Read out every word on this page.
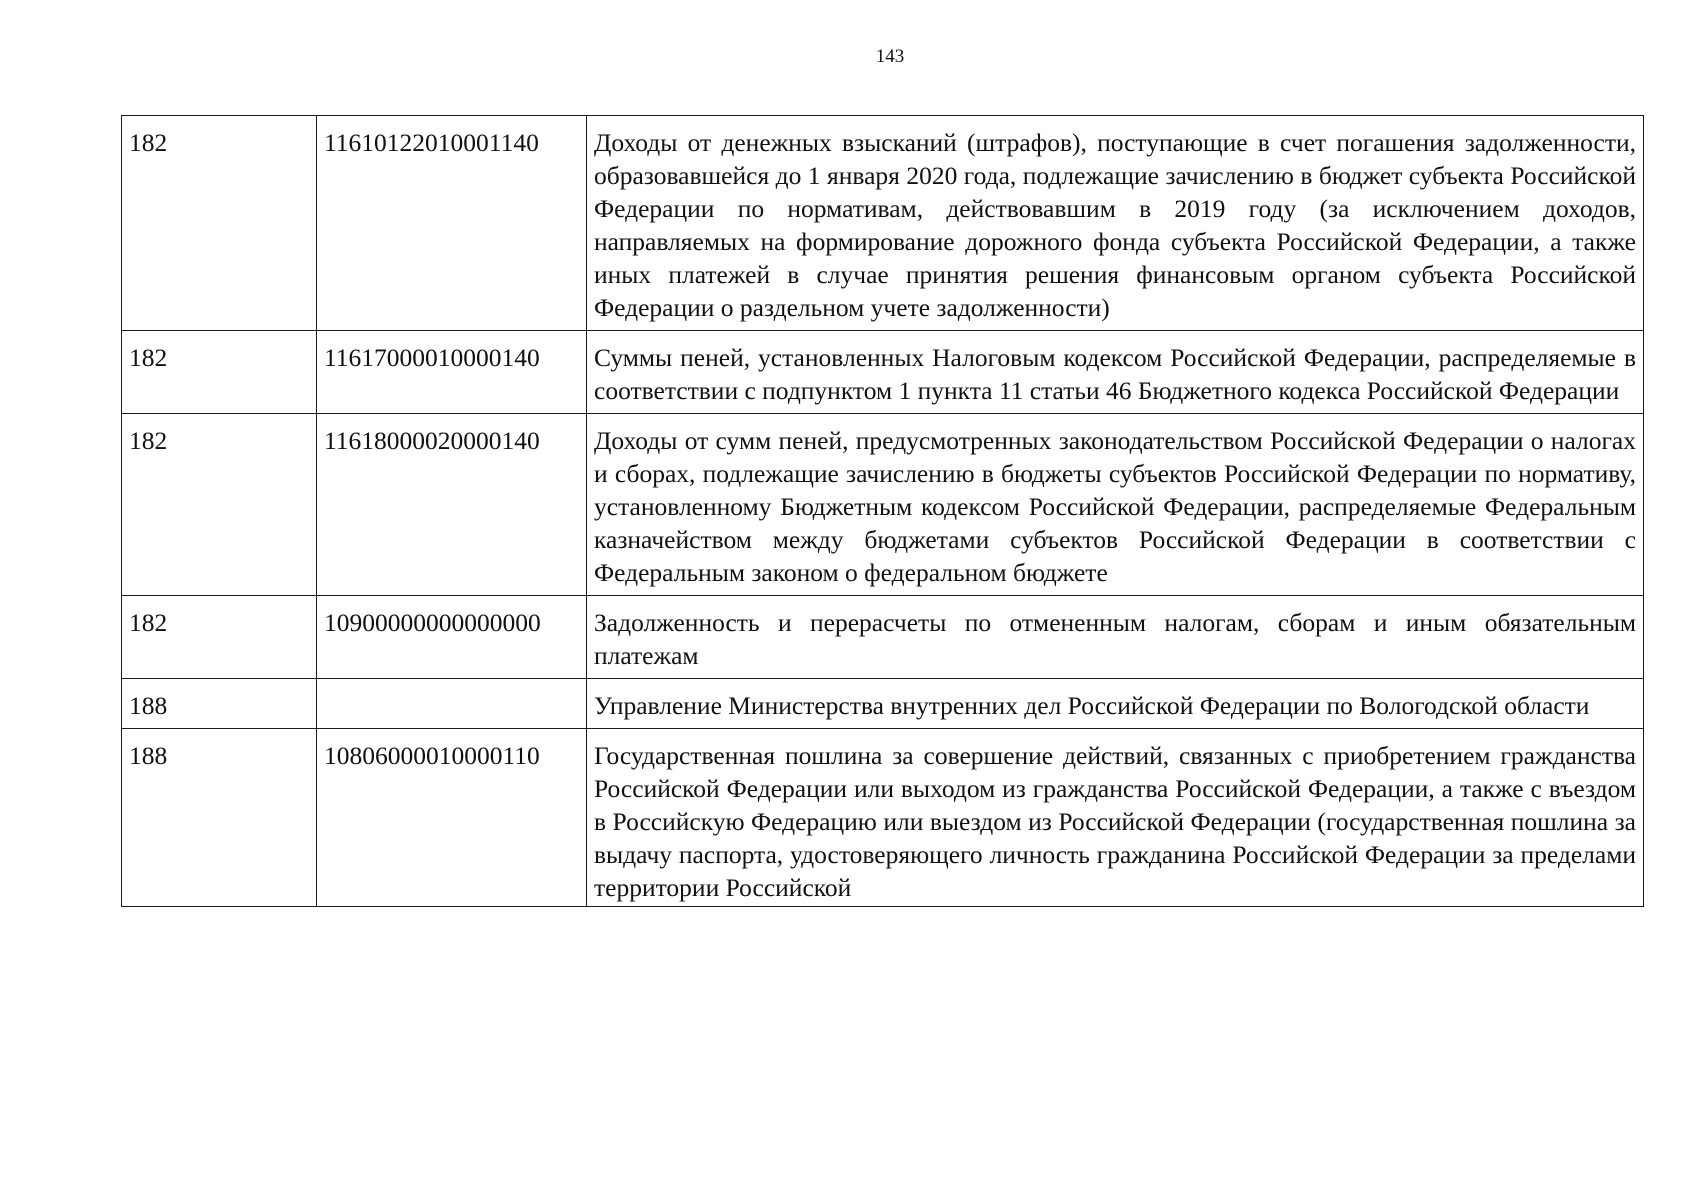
143
182	11610122010001140	Доходы от денежных взысканий (штрафов), поступающие в счет погашения задолженности, образовавшейся до 1 января 2020 года, подлежащие зачислению в бюджет субъекта Российской Федерации по нормативам, действовавшим в 2019 году (за исключением доходов, направляемых на формирование дорожного фонда субъекта Российской Федерации, а также иных платежей в случае принятия решения финансовым органом субъекта Российской Федерации о раздельном учете задолженности)
182	11617000010000140	Суммы пеней, установленных Налоговым кодексом Российской Федерации, распределяемые в соответствии с подпунктом 1 пункта 11 статьи 46 Бюджетного кодекса Российской Федерации
182	11618000020000140	Доходы от сумм пеней, предусмотренных законодательством Российской Федерации о налогах и сборах, подлежащие зачислению в бюджеты субъектов Российской Федерации по нормативу, установленному Бюджетным кодексом Российской Федерации, распределяемые Федеральным казначейством между бюджетами субъектов Российской Федерации в соответствии с Федеральным законом о федеральном бюджете
182	10900000000000000	Задолженность и перерасчеты по отмененным налогам, сборам и иным обязательным платежам
188		Управление Министерства внутренних дел Российской Федерации по Вологодской области
188	10806000010000110	Государственная пошлина за совершение действий, связанных с приобретением гражданства Российской Федерации или выходом из гражданства Российской Федерации, а также с въездом в Российскую Федерацию или выездом из Российской Федерации (государственная пошлина за выдачу паспорта, удостоверяющего личность гражданина Российской Федерации за пределами территории Российской
